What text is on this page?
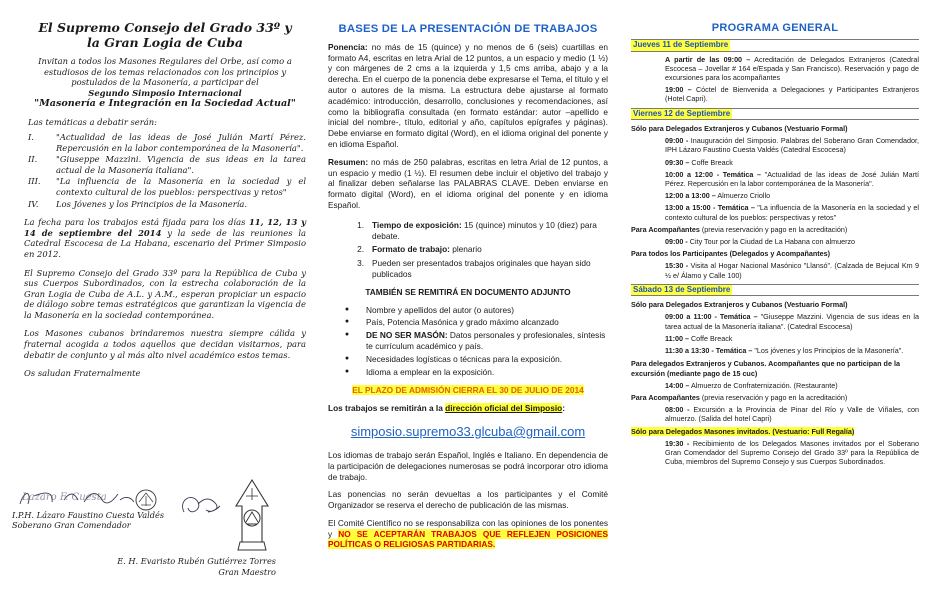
El Supremo Consejo del Grado 33º y
la Gran Logia de Cuba
Invitan a todos los Masones Regulares del Orbe, así como a estudiosos de los temas relacionados con los principios y postulados de la Masonería, a participar del
Segundo Simposio Internacional
"Masonería e Integración en la Sociedad Actual"
Las temáticas a debatir serán:
I.	"Actualidad de las ideas de José Julián Martí Pérez. Repercusión en la labor contemporánea de la Masonería".
II.	"Giuseppe Mazzini. Vigencia de sus ideas en la tarea actual de la Masonería italiana".
III.	"La influencia de la Masonería en la sociedad y el contexto cultural de los pueblos: perspectivas y retos"
IV.	Los Jóvenes y los Principios de la Masonería.
La fecha para los trabajos está fijada para los días 11, 12, 13 y 14 de septiembre del 2014 y la sede de las reuniones la Catedral Escocesa de La Habana, escenario del Primer Simposio en 2012.
El Supremo Consejo del Grado 33º para la República de Cuba y sus Cuerpos Subordinados, con la estrecha colaboración de la Gran Logia de Cuba de A.L. y A.M., esperan propiciar un espacio de diálogo sobre temas estratégicos que garantizan la vigencia de la Masonería en la sociedad contemporánea.
Los Masones cubanos brindaremos nuestra siempre cálida y fraternal acogida a todos aquellos que decidan visitarnos, para debatir de conjunto y al más alto nivel académico estos temas.
Os saludan Fraternalmente
Lazaro F. Cuesta
I.P.H. Lázaro Faustino Cuesta Valdés
Soberano Gran Comendador
E. H. Evaristo Rubén Gutiérrez Torres
Gran Maestro
BASES DE LA PRESENTACIÓN DE TRABAJOS
Ponencia: no más de 15 (quince) y no menos de 6 (seis) cuartillas en formato A4, escritas en letra Arial de 12 puntos, a un espacio y medio (1 ½) y con márgenes de 2 cms a la izquierda y 1,5 cms arriba, abajo y a la derecha. En el cuerpo de la ponencia debe expresarse el Tema, el título y el autor o autores de la misma. La estructura debe ajustarse al formato académico: introducción, desarrollo, conclusiones y recomendaciones, así como la bibliografía consultada (en formato estándar: autor –apellido e inicial del nombre-, título, editorial y año, capítulos epígrafes y páginas). Debe enviarse en formato digital (Word), en el idioma original del ponente y en idioma Español.
Resumen: no más de 250 palabras, escritas en letra Arial de 12 puntos, a un espacio y medio (1 ½). El resumen debe incluir el objetivo del trabajo y al finalizar deben señalarse las PALABRAS CLAVE. Deben enviarse en formato digital (Word), en el idioma original del ponente y en idioma Español.
1. Tiempo de exposición: 15 (quince) minutos y 10 (diez) para debate.
2. Formato de trabajo: plenario
3. Pueden ser presentados trabajos originales que hayan sido publicados
TAMBIÉN SE REMITIRÁ EN DOCUMENTO ADJUNTO
●	Nombre y apellidos del autor (o autores)
●	País, Potencia Masónica y grado máximo alcanzado
●	DE NO SER MASÓN: Datos personales y profesionales, síntesis te currículum académico y país.
●	Necesidades logísticas o técnicas para la exposición.
●	Idioma a emplear en la exposición.
EL PLAZO DE ADMISIÓN CIERRA EL 30 DE JULIO DE 2014
Los trabajos se remitirán a la dirección oficial del Simposio:
simposio.supremo33.glcuba@gmail.com
Los idiomas de trabajo serán Español, Inglés e Italiano. En dependencia de la participación de delegaciones numerosas se podrá incorporar otro idioma de trabajo.
Las ponencias no serán devueltas a los participantes y el Comité Organizador se reserva el derecho de publicación de las mismas.
El Comité Científico no se responsabiliza con las opiniones de los ponentes y NO SE ACEPTARÁN TRABAJOS QUE REFLEJEN POSICIONES POLÍTICAS O RELIGIOSAS PARTIDARIAS.
PROGRAMA GENERAL
Jueves 11 de Septiembre
A partir de las 09:00 – Acreditación de Delegados Extranjeros (Catedral Escocesa – Jovellar # 164 e/Espada y San Francisco). Reservación y pago de excursiones para los acompañantes
19:00 – Cóctel de Bienvenida a Delegaciones y Participantes Extranjeros (Hotel Capri).
Viernes 12 de Septiembre
Sólo para Delegados Extranjeros y Cubanos (Vestuario Formal)
09:00 - Inauguración del Simposio. Palabras del Soberano Gran Comendador, IPH Lázaro Faustino Cuesta Valdés (Catedral Escocesa)
09:30 – Coffe Breack
10:00 a 12:00 - Temática – "Actualidad de las ideas de José Julián Martí Pérez. Repercusión en la labor contemporánea de la Masonería".
12:00 a 13:00 – Almuerzo Criollo
13:00 a 15:00 - Temática – "La influencia de la Masonería en la sociedad y el contexto cultural de los pueblos: perspectivas y retos"
Para Acompañantes (previa reservación y pago en la acreditación)
09:00 - City Tour por la Ciudad de La Habana con almuerzo
Para todos los Participantes (Delegados y Acompañantes)
15:30 - Visita al Hogar Nacional Masónico "Llansó". (Calzada de Bejucal Km 9 ½ e/ Álamo y Calle 100)
Sábado 13 de Septiembre
Sólo para Delegados Extranjeros y Cubanos (Vestuario Formal)
09:00 a 11:00 - Temática – "Giuseppe Mazzini. Vigencia de sus ideas en la tarea actual de la Masonería italiana". (Catedral Escocesa)
11:00 – Coffe Breack
11:30 a 13:30 - Temática – "Los jóvenes y los Principios de la Masonería".
Para delegados Extranjeros y Cubanos. Acompañantes que no participan de la excursión (mediante pago de 15 cuc)
14:00 – Almuerzo de Confraternización. (Restaurante)
Para Acompañantes (previa reservación y pago en la acreditación)
08:00 - Excursión a la Provincia de Pinar del Río y Valle de Viñales, con almuerzo. (Salida del hotel Capri)
Sólo para Delegados Masones invitados. (Vestuario: Full Regalía)
19:30 - Recibimiento de los Delegados Masones invitados por el Soberano Gran Comendador del Supremo Consejo del Grado 33º para la República de Cuba, miembros del Supremo Consejo y sus Cuerpos Subordinados.
